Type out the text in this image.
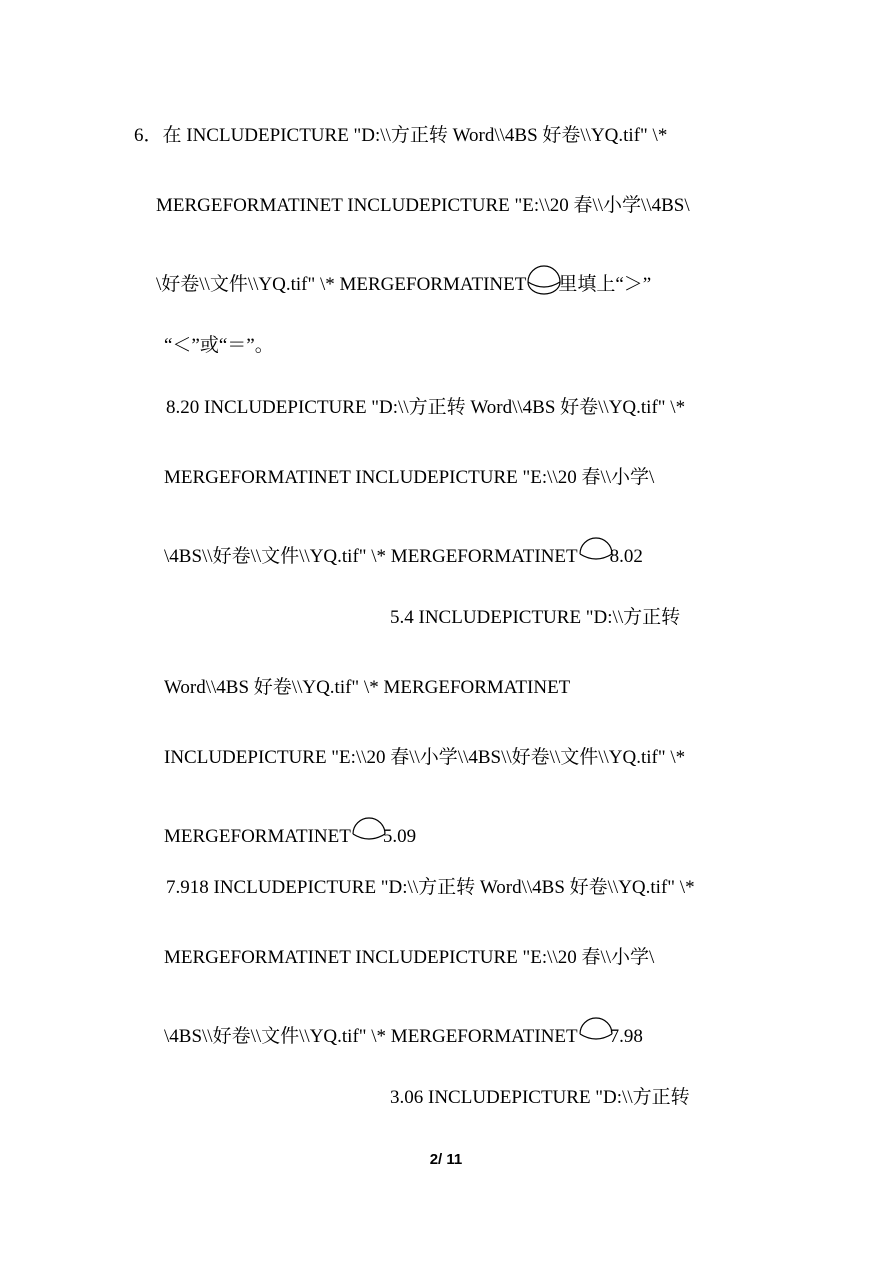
6．在 INCLUDEPICTURE "D:\\方正转 Word\\4BS 好卷\\YQ.tif" \*
MERGEFORMATINET INCLUDEPICTURE "E:\\20 春\\小学\\4BS\
\好卷\\文件\\YQ.tif" \* MERGEFORMATINET 里填上“＞”
“＜”或“＝”。
8.20 INCLUDEPICTURE "D:\\方正转 Word\\4BS 好卷\\YQ.tif" \*
MERGEFORMATINET INCLUDEPICTURE "E:\\20 春\\小学\
\4BS\\好卷\\文件\\YQ.tif" \* MERGEFORMATINET 8.02
5.4 INCLUDEPICTURE "D:\\方正转
Word\\4BS 好卷\\YQ.tif" \* MERGEFORMATINET
INCLUDEPICTURE "E:\\20 春\\小学\\4BS\\好卷\\文件\\YQ.tif" \*
MERGEFORMATINET 5.09
7.918 INCLUDEPICTURE "D:\\方正转 Word\\4BS 好卷\\YQ.tif" \*
MERGEFORMATINET INCLUDEPICTURE "E:\\20 春\\小学\
\4BS\\好卷\\文件\\YQ.tif" \* MERGEFORMATINET 7.98
3.06 INCLUDEPICTURE "D:\\方正转
2/ 11
